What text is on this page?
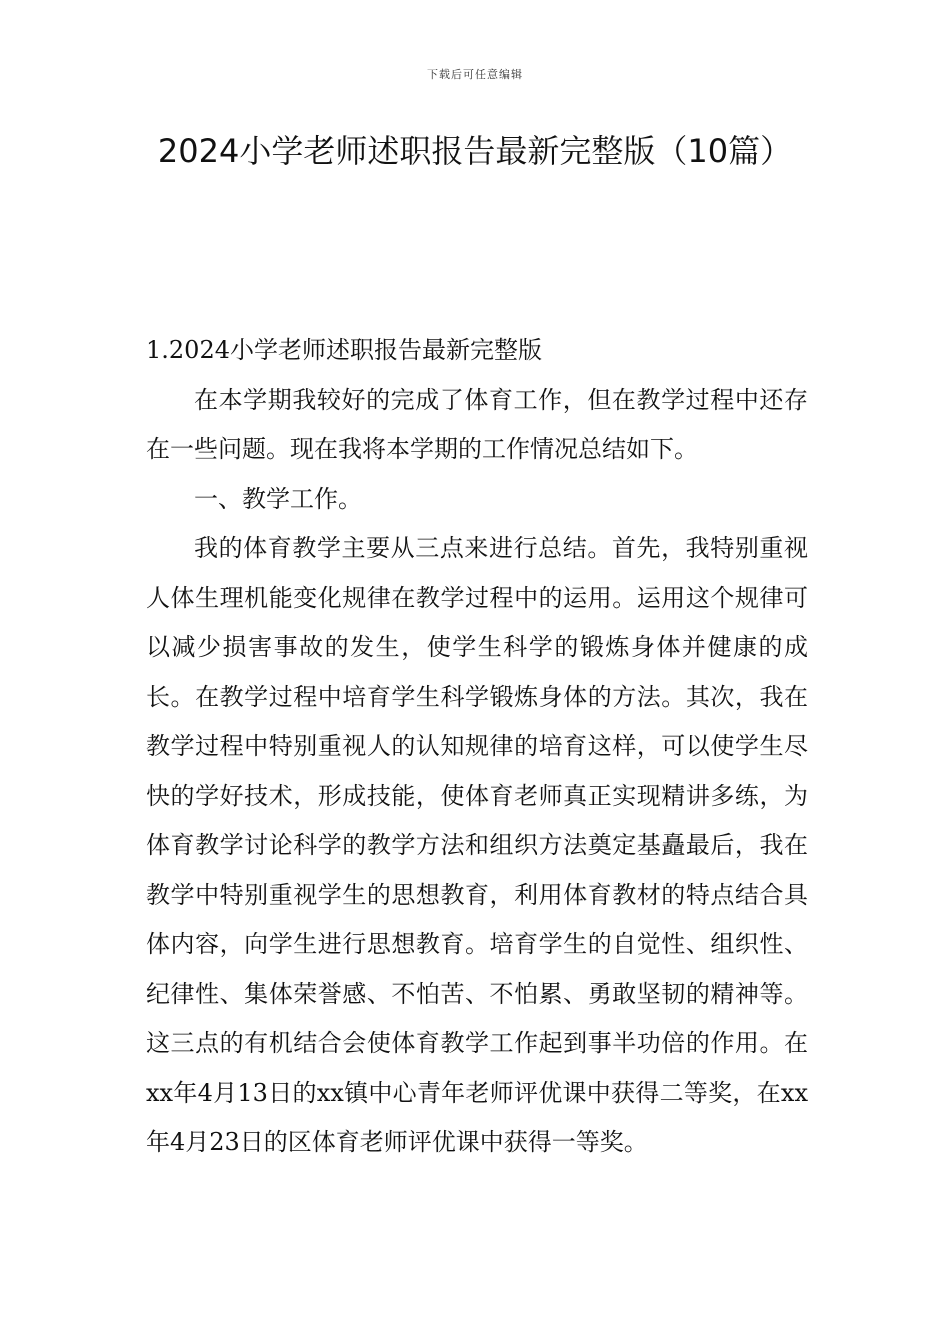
下载后可任意编辑
2024小学老师述职报告最新完整版（10篇）

1.2024小学老师述职报告最新完整版

在本学期我较好的完成了体育工作，但在教学过程中还存在一些问题。现在我将本学期的工作情况总结如下。

一、教学工作。

我的体育教学主要从三点来进行总结。首先，我特别重视人体生理机能变化规律在教学过程中的运用。运用这个规律可以减少损害事故的发生，使学生科学的锻炼身体并健康的成长。在教学过程中培育学生科学锻炼身体的方法。其次，我在教学过程中特别重视人的认知规律的培育这样，可以使学生尽快的学好技术，形成技能，使体育老师真正实现精讲多练，为体育教学讨论科学的教学方法和组织方法奠定基矗最后，我在教学中特别重视学生的思想教育，利用体育教材的特点结合具体内容，向学生进行思想教育。培育学生的自觉性、组织性、纪律性、集体荣誉感、不怕苦、不怕累、勇敢坚韧的精神等。这三点的有机结合会使体育教学工作起到事半功倍的作用。在xx年4月13日的xx镇中心青年老师评优课中获得二等奖，在xx年4月23日的区体育老师评优课中获得一等奖。
